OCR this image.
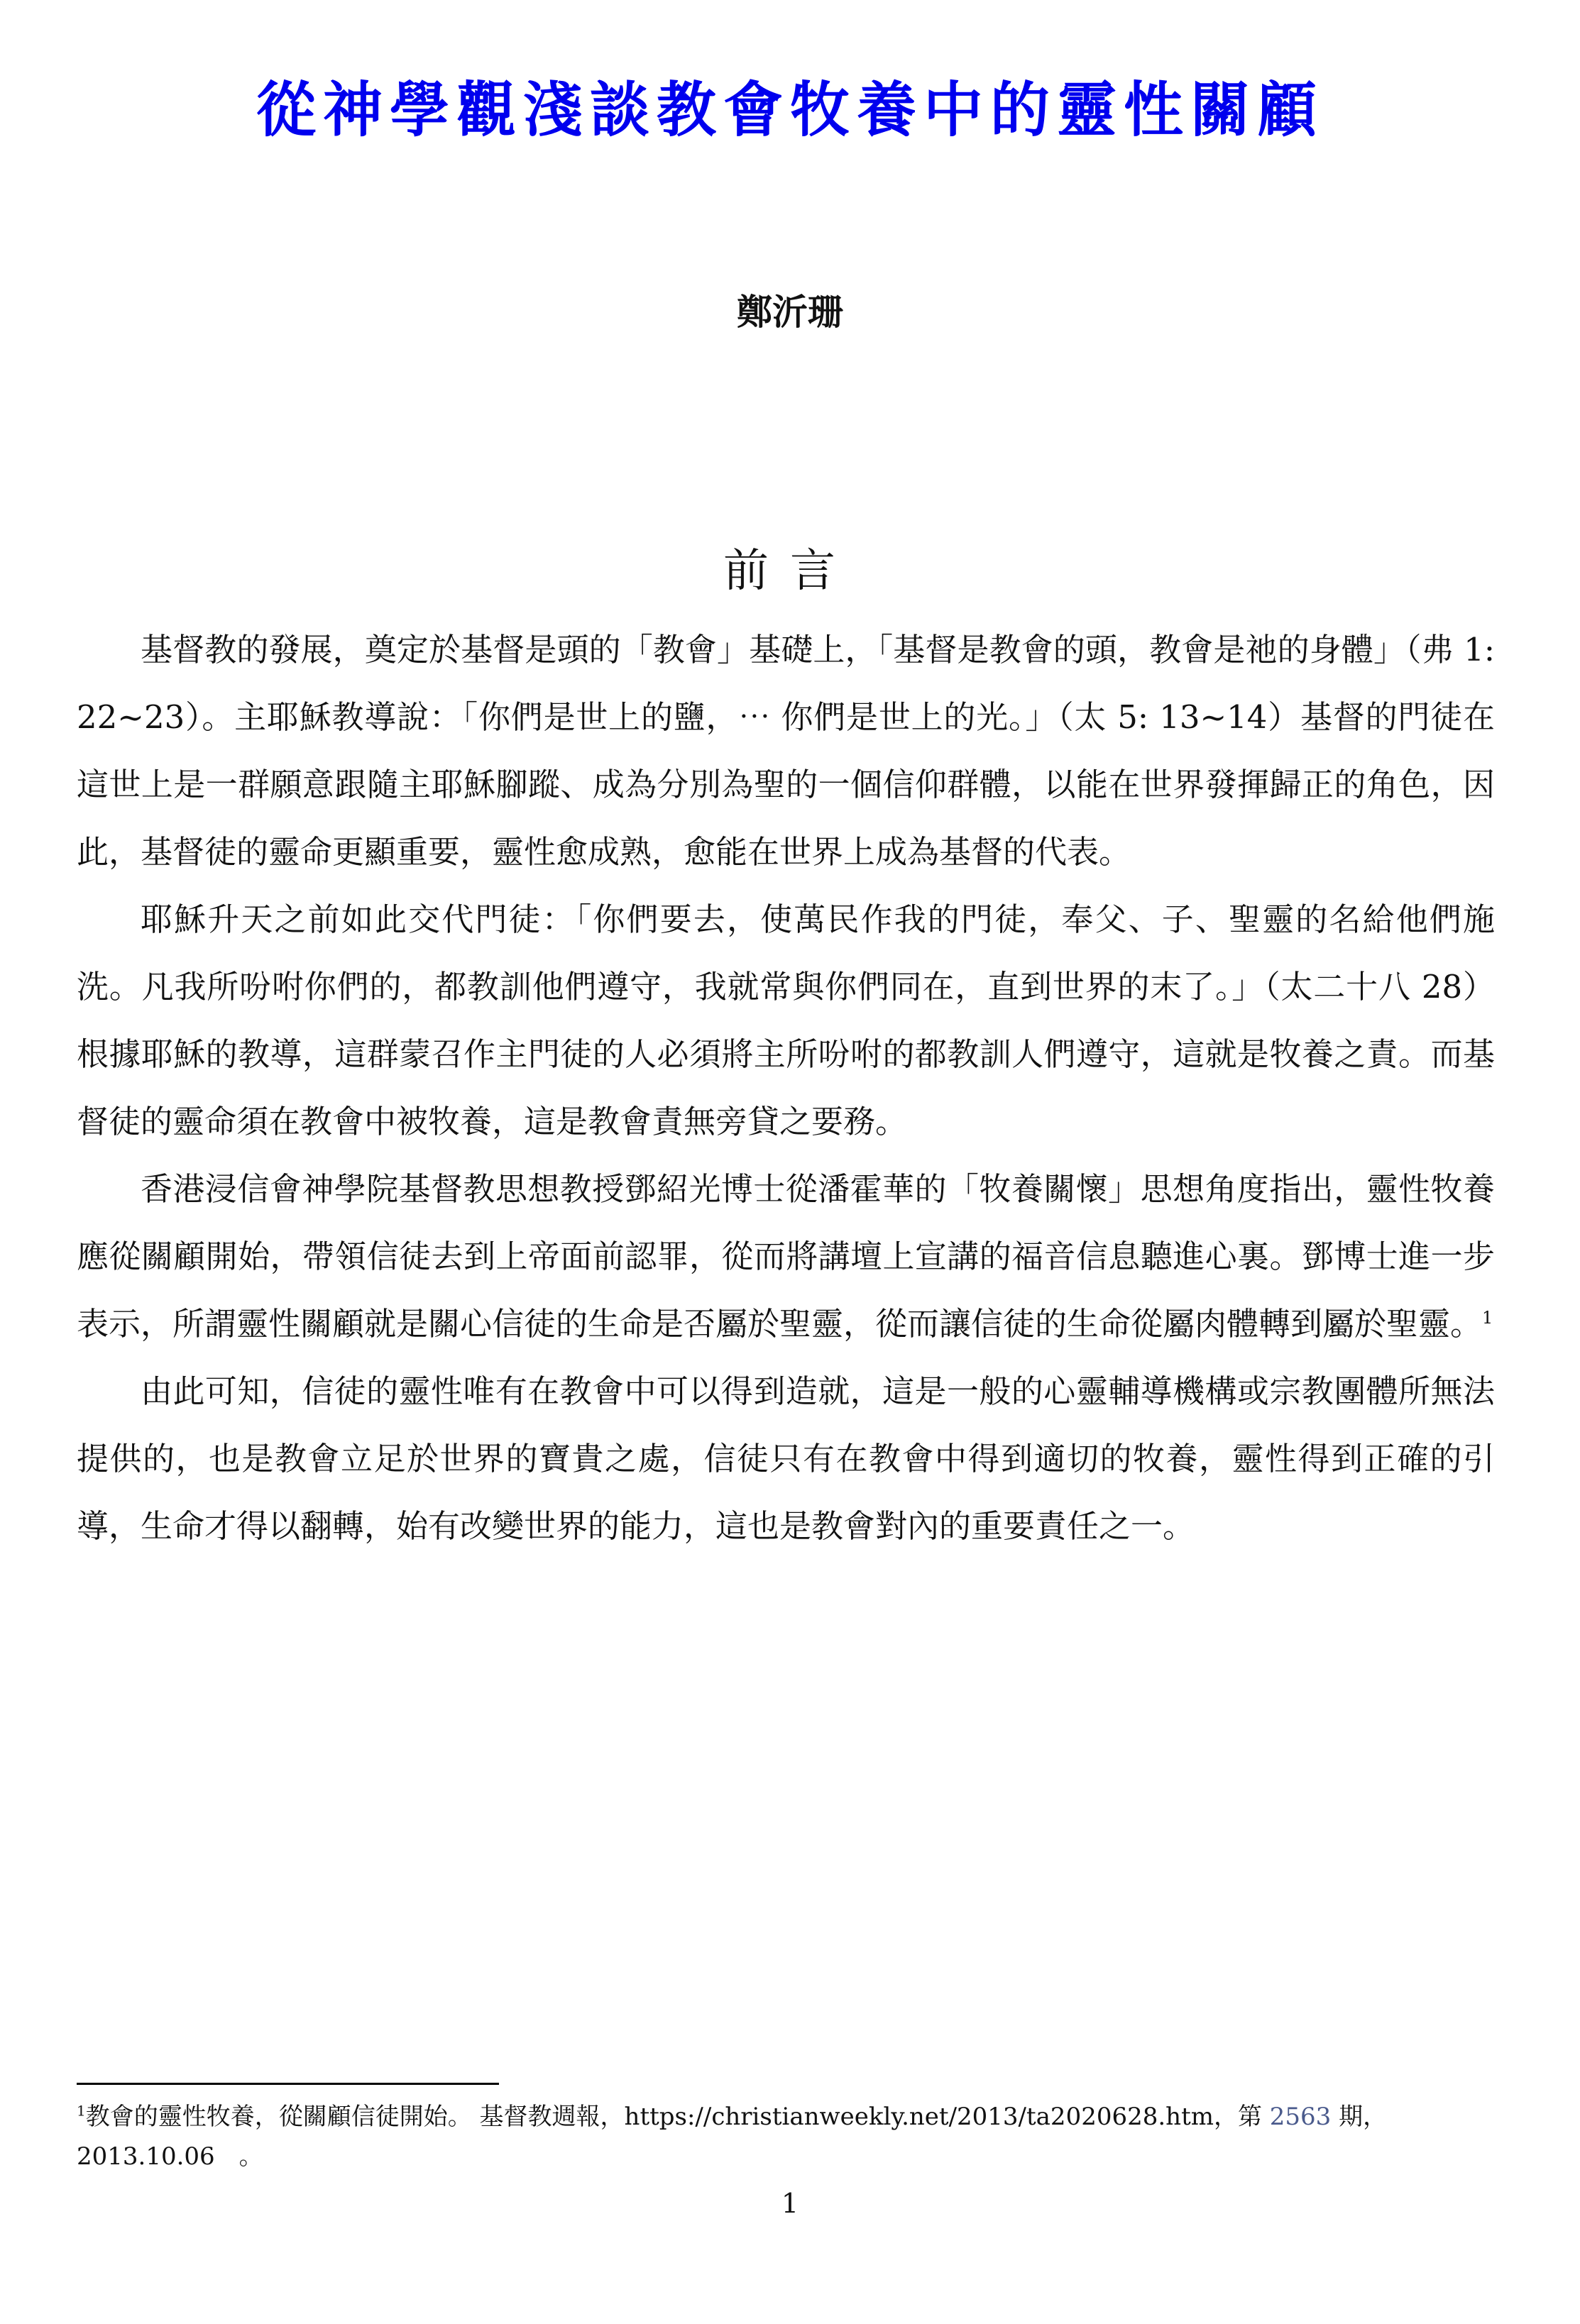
從神學觀淺談教會牧養中的靈性關顧
鄭沂珊
前言

基督教的發展，奠定於基督是頭的「教會」基礎上，「基督是教會的頭，教會是祂的身體」（弗 1: 22~23）。主耶穌教導說：「你們是世上的鹽，⋯ 你們是世上的光。」（太 5: 13~14）基督的門徒在這世上是一群願意跟隨主耶穌腳蹤、成為分別為聖的一個信仰群體，以能在世界發揮歸正的角色，因此，基督徒的靈命更顯重要，靈性愈成熟，愈能在世界上成為基督的代表。

耶穌升天之前如此交代門徒：「你們要去，使萬民作我的門徒，奉父、子、聖靈的名給他們施洗。凡我所吩咐你們的，都教訓他們遵守，我就常與你們同在，直到世界的末了。」（太二十八 28）根據耶穌的教導，這群蒙召作主門徒的人必須將主所吩咐的都教訓人們遵守，這就是牧養之責。而基督徒的靈命須在教會中被牧養，這是教會責無旁貸之要務。

香港浸信會神學院基督教思想教授鄧紹光博士從潘霍華的「牧養關懷」思想角度指出，靈性牧養應從關顧開始，帶領信徒去到上帝面前認罪，從而將講壇上宣講的福音信息聽進心裏。鄧博士進一步表示，所謂靈性關顧就是關心信徒的生命是否屬於聖靈，從而讓信徒的生命從屬肉體轉到屬於聖靈。$^1$

由此可知，信徒的靈性唯有在教會中可以得到造就，這是一般的心靈輔導機構或宗教團體所無法提供的，也是教會立足於世界的寶貴之處，信徒只有在教會中得到適切的牧養，靈性得到正確的引導，生命才得以翻轉，始有改變世界的能力，這也是教會對內的重要責任之一。

$^1$教會的靈性牧養，從關顧信徒開始。 基督教週報，https://christianweekly.net/2013/ta2020628.htm，第 2563 期，2013.10.06　。
1
